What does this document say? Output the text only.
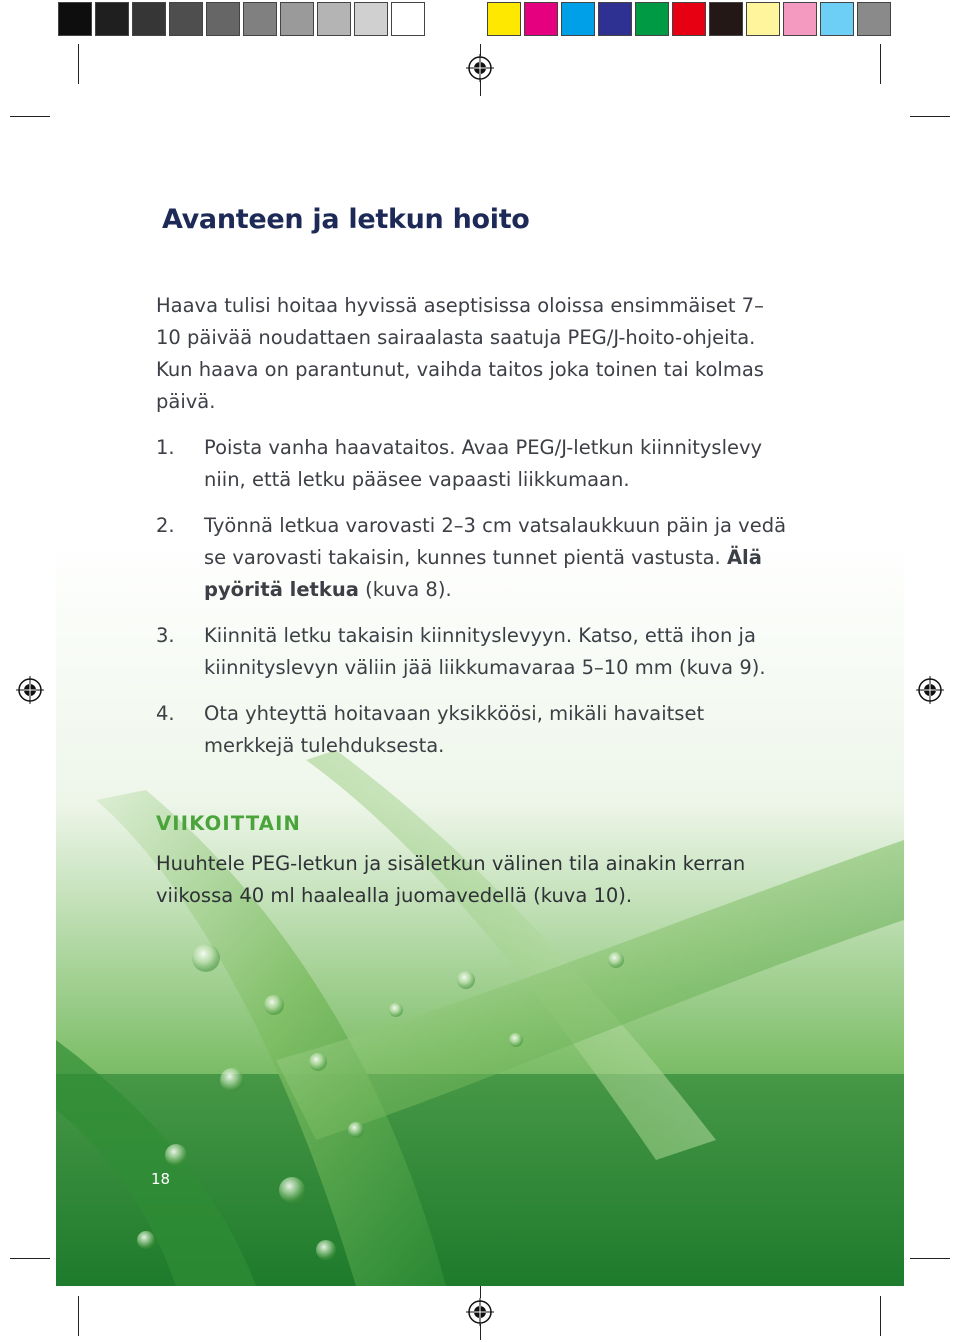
Avanteen ja letkun hoito

Haava tulisi hoitaa hyvissä aseptisissa oloissa ensimmäiset 7–10 päivää noudattaen sairaalasta saatuja PEG/J-hoito-ohjeita. Kun haava on parantunut, vaihda taitos joka toinen tai kolmas päivä.

1. Poista vanha haavataitos. Avaa PEG/J-letkun kiinnityslevy niin, että letku pääsee vapaasti liikkumaan.
2. Työnnä letkua varovasti 2–3 cm vatsalaukkuun päin ja vedä se varovasti takaisin, kunnes tunnet pientä vastusta. Älä pyöritä letkua (kuva 8).
3. Kiinnitä letku takaisin kiinnityslevyyn. Katso, että ihon ja kiinnityslevyn väliin jää liikkumavaraa 5–10 mm (kuva 9).
4. Ota yhteyttä hoitavaan yksikköösi, mikäli havaitset merkkejä tulehduksesta.
VIIKOITTAIN

Huuhtele PEG-letkun ja sisäletkun välinen tila ainakin kerran viikossa 40 ml haalealla juomavedellä (kuva 10).

18
